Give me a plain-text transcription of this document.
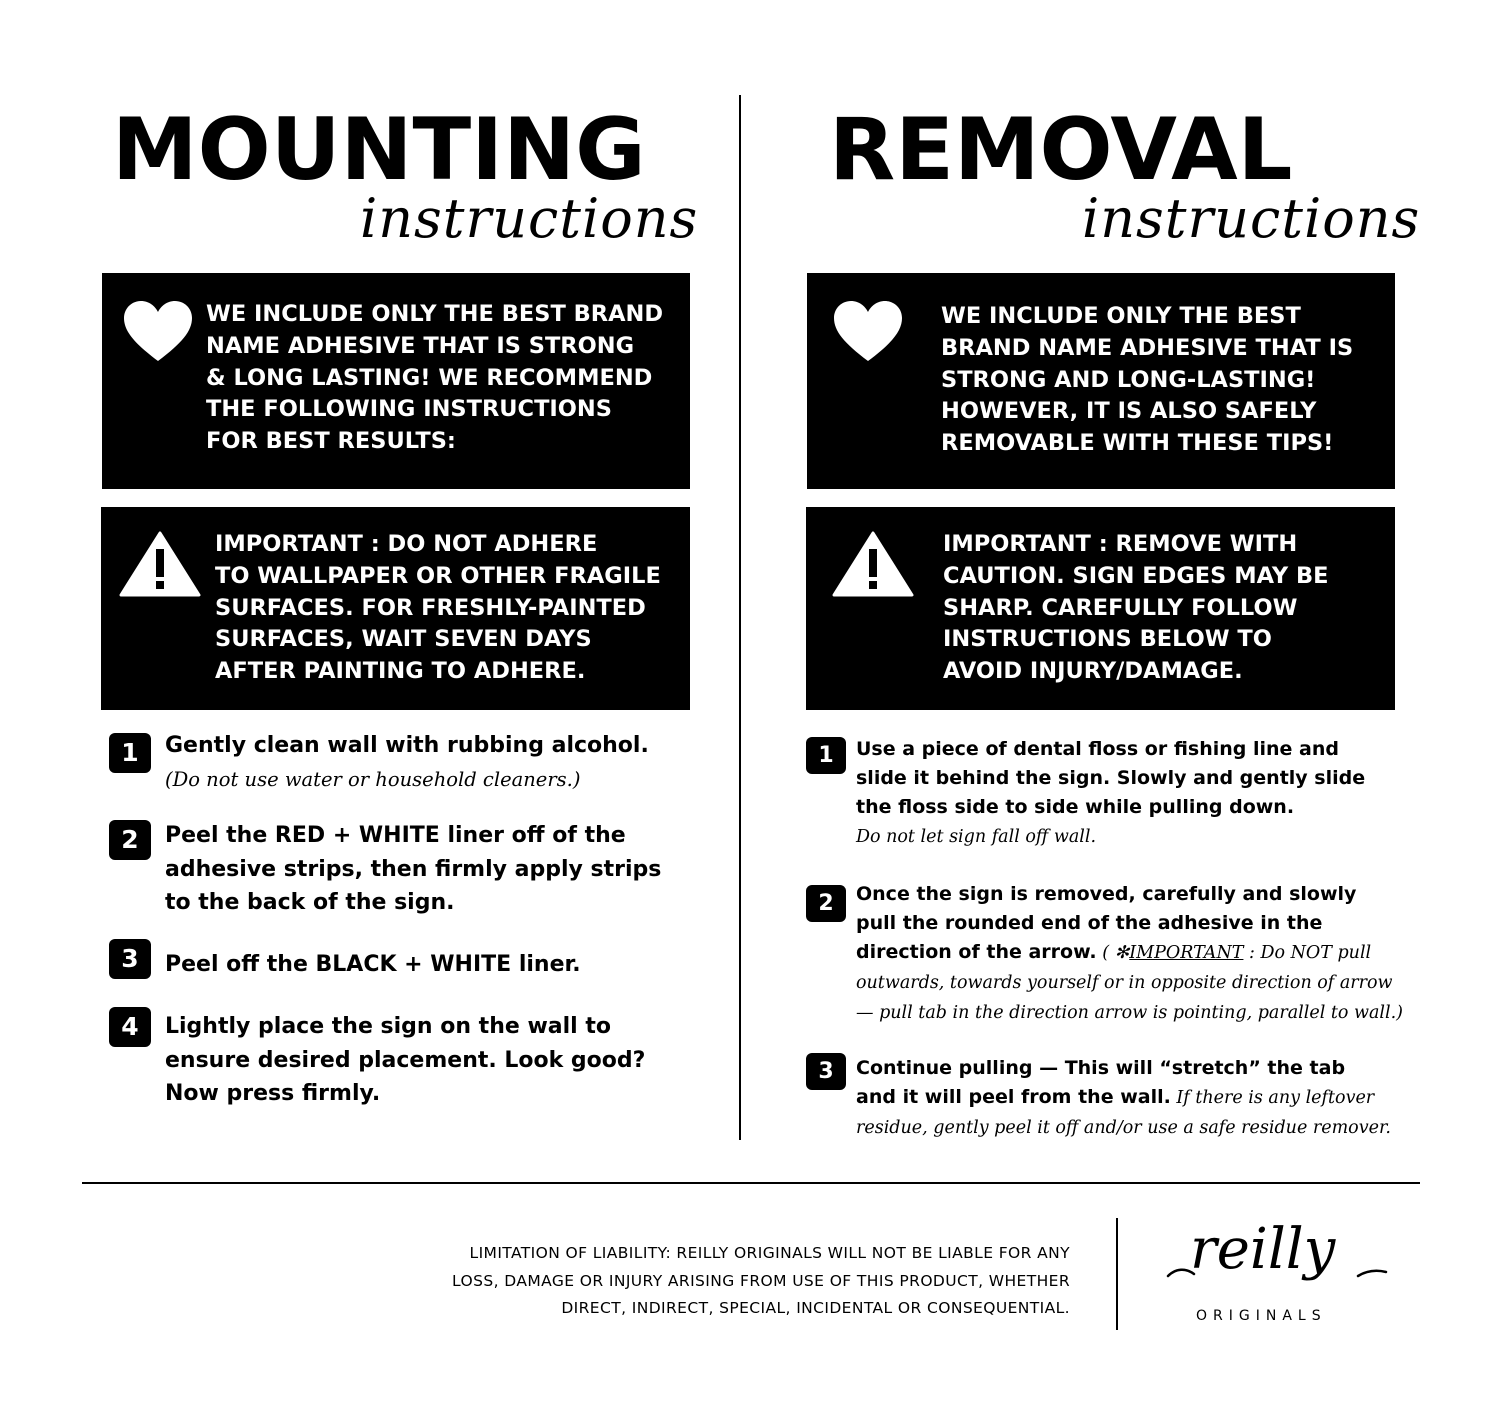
MOUNTING
instructions
WE INCLUDE ONLY THE BEST BRAND
NAME ADHESIVE THAT IS STRONG
& LONG LASTING! WE RECOMMEND
THE FOLLOWING INSTRUCTIONS
FOR BEST RESULTS:
IMPORTANT : DO NOT ADHERE
TO WALLPAPER OR OTHER FRAGILE
SURFACES. FOR FRESHLY-PAINTED
SURFACES, WAIT SEVEN DAYS
AFTER PAINTING TO ADHERE.
1	Gently clean wall with rubbing alcohol.
(Do not use water or household cleaners.)
2	Peel the RED + WHITE liner off of the
adhesive strips, then firmly apply strips
to the back of the sign.
3	Peel off the BLACK + WHITE liner.
4	Lightly place the sign on the wall to
ensure desired placement. Look good?
Now press firmly.
REMOVAL
instructions
WE INCLUDE ONLY THE BEST
BRAND NAME ADHESIVE THAT IS
STRONG AND LONG-LASTING!
HOWEVER, IT IS ALSO SAFELY
REMOVABLE WITH THESE TIPS!
IMPORTANT : REMOVE WITH
CAUTION. SIGN EDGES MAY BE
SHARP. CAREFULLY FOLLOW
INSTRUCTIONS BELOW TO
AVOID INJURY/DAMAGE.
1	Use a piece of dental floss or fishing line and
slide it behind the sign. Slowly and gently slide
the floss side to side while pulling down.
Do not let sign fall off wall.
2	Once the sign is removed, carefully and slowly
pull the rounded end of the adhesive in the
direction of the arrow. ( ✻IMPORTANT : Do NOT pull
outwards, towards yourself or in opposite direction of arrow
— pull tab in the direction arrow is pointing, parallel to wall.)
3	Continue pulling — This will “stretch” the tab
and it will peel from the wall. If there is any leftover
residue, gently peel it off and/or use a safe residue remover.
LIMITATION OF LIABILITY: REILLY ORIGINALS WILL NOT BE LIABLE FOR ANY
LOSS, DAMAGE OR INJURY ARISING FROM USE OF THIS PRODUCT, WHETHER
DIRECT, INDIRECT, SPECIAL, INCIDENTAL OR CONSEQUENTIAL.
reilly
ORIGINALS
